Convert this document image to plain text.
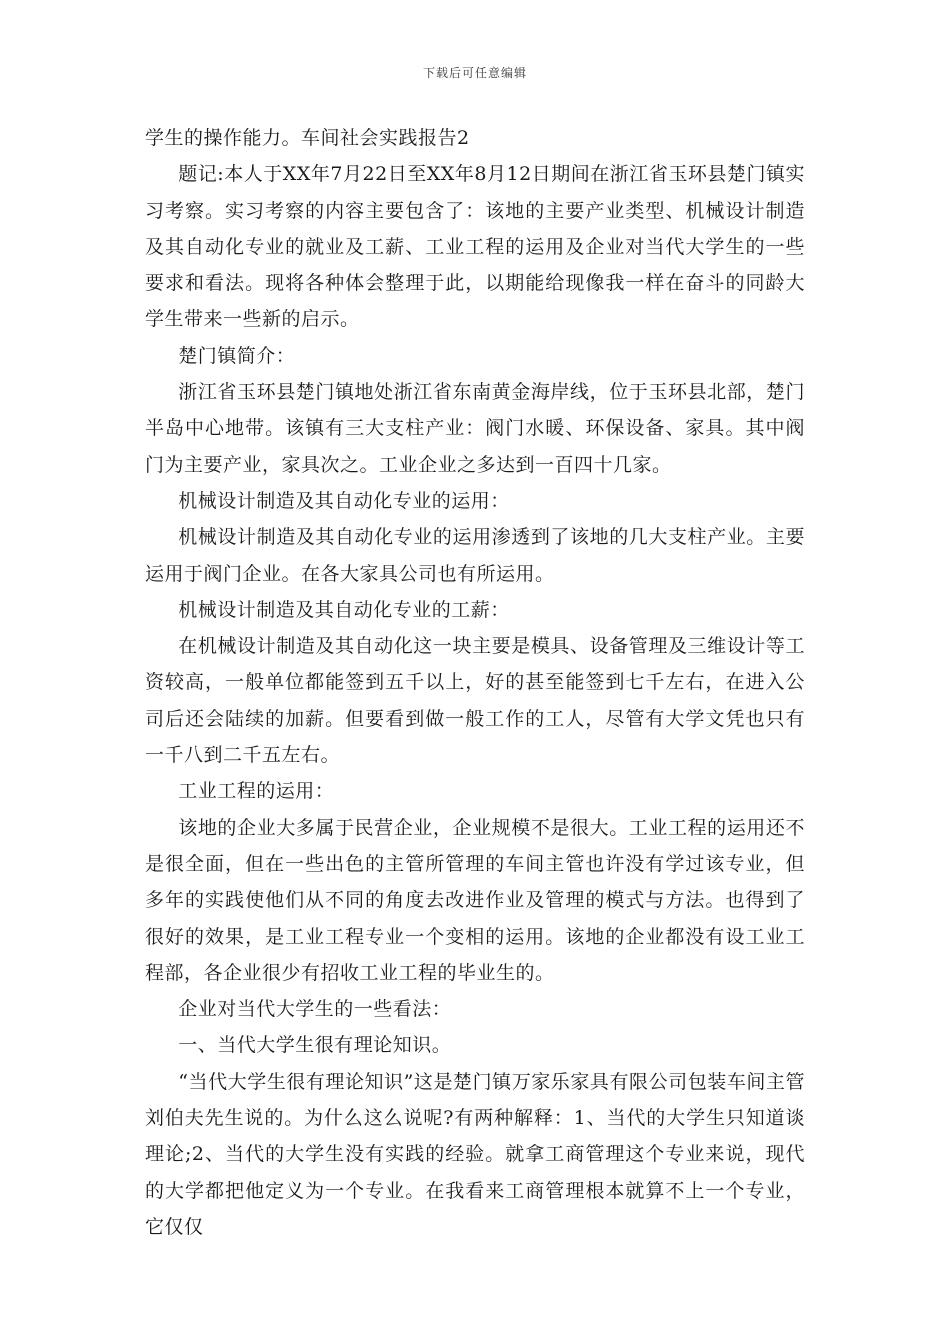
下载后可任意编辑

学生的操作能力。车间社会实践报告2

题记:本人于XX年7月22日至XX年8月12日期间在浙江省玉环县楚门镇实习考察。实习考察的内容主要包含了：该地的主要产业类型、机械设计制造及其自动化专业的就业及工薪、工业工程的运用及企业对当代大学生的一些要求和看法。现将各种体会整理于此，以期能给现像我一样在奋斗的同龄大学生带来一些新的启示。

楚门镇简介：

浙江省玉环县楚门镇地处浙江省东南黄金海岸线，位于玉环县北部，楚门半岛中心地带。该镇有三大支柱产业：阀门水暖、环保设备、家具。其中阀门为主要产业，家具次之。工业企业之多达到一百四十几家。

机械设计制造及其自动化专业的运用：

机械设计制造及其自动化专业的运用渗透到了该地的几大支柱产业。主要运用于阀门企业。在各大家具公司也有所运用。

机械设计制造及其自动化专业的工薪：

在机械设计制造及其自动化这一块主要是模具、设备管理及三维设计等工资较高，一般单位都能签到五千以上，好的甚至能签到七千左右，在进入公司后还会陆续的加薪。但要看到做一般工作的工人，尽管有大学文凭也只有一千八到二千五左右。

工业工程的运用：

该地的企业大多属于民营企业，企业规模不是很大。工业工程的运用还不是很全面，但在一些出色的主管所管理的车间主管也许没有学过该专业，但多年的实践使他们从不同的角度去改进作业及管理的模式与方法。也得到了很好的效果，是工业工程专业一个变相的运用。该地的企业都没有设工业工程部，各企业很少有招收工业工程的毕业生的。

企业对当代大学生的一些看法：

一、当代大学生很有理论知识。

“当代大学生很有理论知识”这是楚门镇万家乐家具有限公司包装车间主管刘伯夫先生说的。为什么这么说呢?有两种解释：1、当代的大学生只知道谈理论;2、当代的大学生没有实践的经验。就拿工商管理这个专业来说，现代的大学都把他定义为一个专业。在我看来工商管理根本就算不上一个专业，它仅仅
